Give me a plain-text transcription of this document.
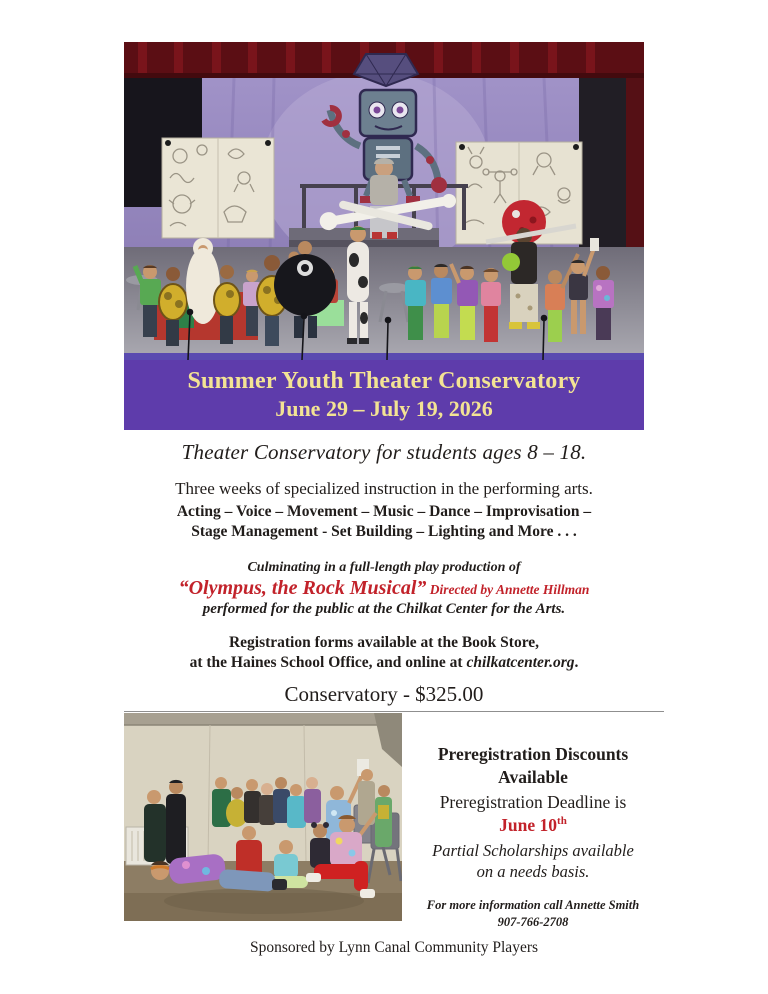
Summer Youth Theater Conservatory
June 29 – July 19, 2026
Theater Conservatory for students ages 8 – 18.
Three weeks of specialized instruction in the performing arts.
Acting – Voice – Movement – Music – Dance – Improvisation –
Stage Management - Set Building – Lighting and More . . .
Culminating in a full-length play production of
“Olympus, the Rock Musical” Directed by Annette Hillman
performed for the public at the Chilkat Center for the Arts.
Registration forms available at the Book Store,
at the Haines School Office, and online at chilkatcenter.org.
Conservatory - $325.00
Preregistration Discounts Available
Preregistration Deadline is
June 10th
Partial Scholarships available
on a needs basis.
For more information call Annette Smith
907-766-2708
Sponsored by Lynn Canal Community Players
